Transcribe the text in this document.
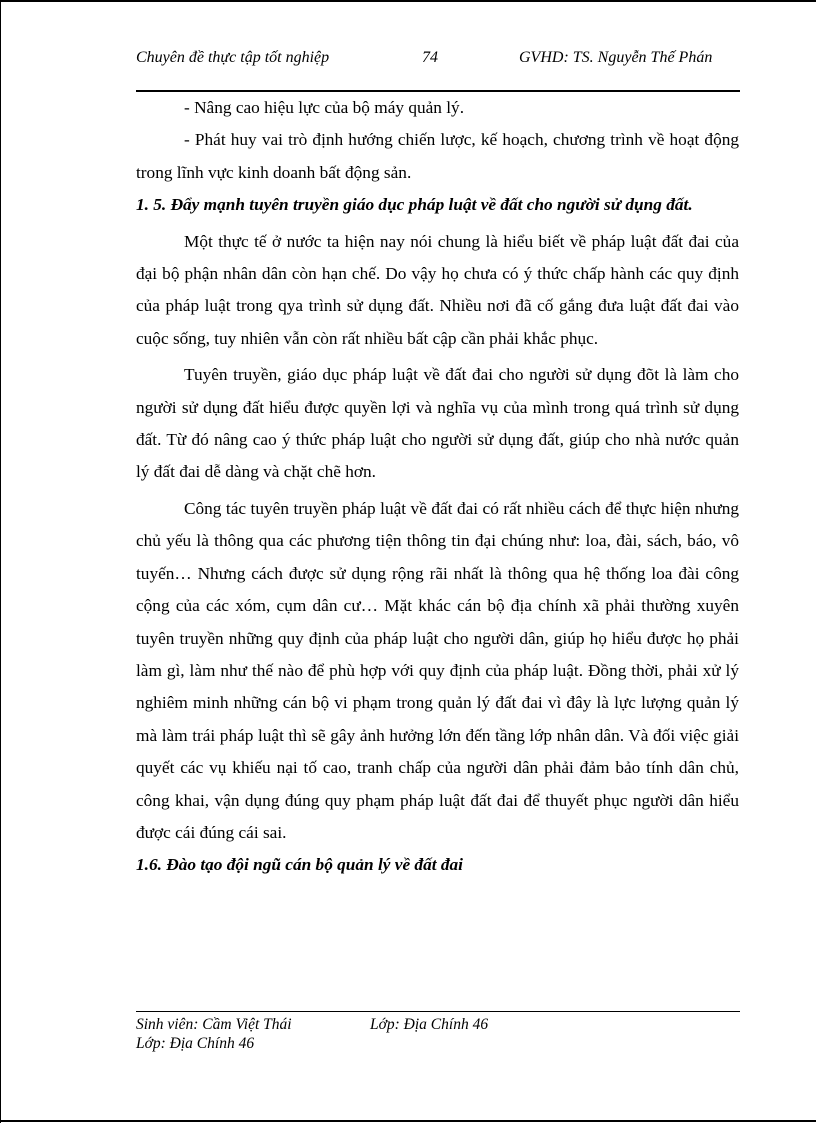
Chuyên đề thực tập tốt nghiệp	74	GVHD: TS. Nguyễn Thế Phán

- Nâng cao hiệu lực của bộ máy quản lý.

- Phát huy vai trò định hướng chiến lược, kế hoạch, chương trình về hoạt động trong lĩnh vực kinh doanh bất động sản.

1. 5. Đẩy mạnh tuyên truyền giáo dục pháp luật về đất cho người sử dụng đất.

Một thực tế ở nước ta hiện nay nói chung là hiểu biết về pháp luật đất đai của đại bộ phận nhân dân còn hạn chế. Do vậy họ chưa có ý thức chấp hành các quy định của pháp luật trong qya trình sử dụng đất. Nhiều nơi đã cố gắng đưa luật đất đai vào cuộc sống, tuy nhiên vẫn còn rất nhiều bất cập cần phải khắc phục.

Tuyên truyền, giáo dục pháp luật về đất đai cho người sử dụng đõt là làm cho người sử dụng đất hiểu được quyền lợi và nghĩa vụ của mình trong quá trình sử dụng đất. Từ đó nâng cao ý thức pháp luật cho người sử dụng đất, giúp cho nhà nước quản lý đất đai dễ dàng và chặt chẽ hơn.

Công tác tuyên truyền pháp luật về đất đai có rất nhiều cách để thực hiện nhưng chủ yếu là thông qua các phương tiện thông tin đại chúng như: loa, đài, sách, báo, vô tuyến… Nhưng cách được sử dụng rộng rãi nhất là thông qua hệ thống loa đài công cộng của các xóm, cụm dân cư… Mặt khác cán bộ địa chính xã phải thường xuyên tuyên truyền những quy định của pháp luật cho người dân, giúp họ hiểu được họ phải làm gì, làm như thế nào để phù hợp với quy định của pháp luật. Đồng thời, phải xử lý nghiêm minh những cán bộ vi phạm trong quản lý đất đai vì đây là lực lượng quản lý mà làm trái pháp luật thì sẽ gây ảnh hưởng lớn đến tầng lớp nhân dân. Và đối việc giải quyết các vụ khiếu nại tố cao, tranh chấp của người dân phải đảm bảo tính dân chủ, công khai, vận dụng đúng quy phạm pháp luật đất đai để thuyết phục người dân hiểu được cái đúng cái sai.

1.6. Đào tạo đội ngũ cán bộ quản lý về đất đai

Sinh viên: Cầm Việt Thái	Lớp: Địa Chính 46
Lớp: Địa Chính 46
